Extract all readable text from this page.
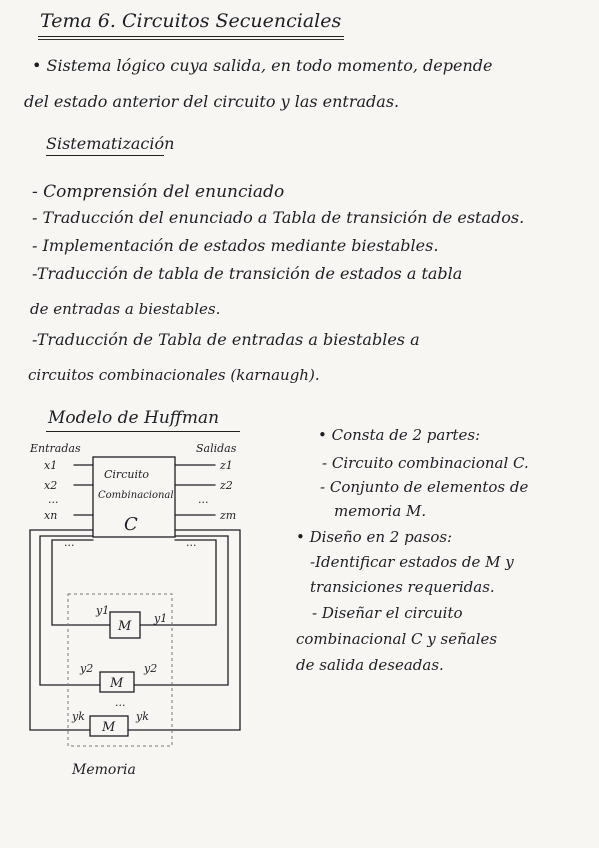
Tema 6. Circuitos Secuenciales
• Sistema lógico cuya salida, en todo momento, depende
del estado anterior del circuito y las entradas.
Sistematización
- Comprensión del enunciado
- Traducción del enunciado a Tabla de transición de estados.
- Implementación de estados mediante biestables.
-Traducción de tabla de transición de estados a tabla
de entradas a biestables.
-Traducción de Tabla de entradas a biestables a
circuitos combinacionales (karnaugh).
Modelo de Huffman
Entradas	Salidas
x1
x2
...
xn
z1
z2
...
zm
Circuito
Combinacional
C
M
M
M
y1
y1
y2	y2
yk	yk
...	...
...
Memoria
• Consta de 2 partes:
- Circuito combinacional C.
- Conjunto de elementos de
memoria M.
• Diseño en 2 pasos:
-Identificar estados de M y
transiciones requeridas.
- Diseñar el circuito
combinacional C y señales
de salida deseadas.
